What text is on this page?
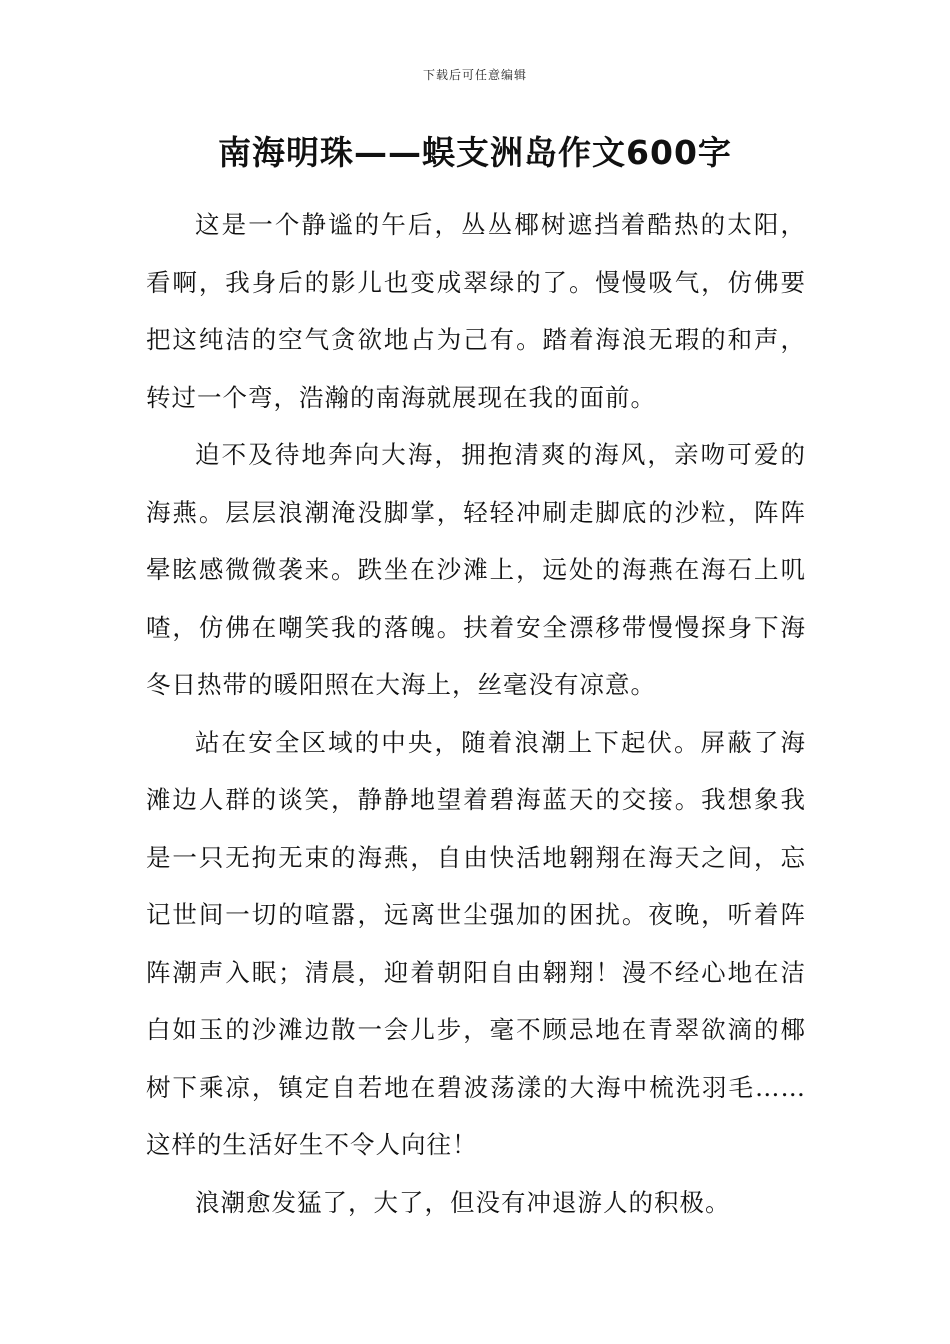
下载后可任意编辑
南海明珠——蜈支洲岛作文600字

这是一个静谧的午后，丛丛椰树遮挡着酷热的太阳，看啊，我身后的影儿也变成翠绿的了。慢慢吸气，仿佛要把这纯洁的空气贪欲地占为己有。踏着海浪无瑕的和声，转过一个弯，浩瀚的南海就展现在我的面前。

迫不及待地奔向大海，拥抱清爽的海风，亲吻可爱的海燕。层层浪潮淹没脚掌，轻轻冲刷走脚底的沙粒，阵阵晕眩感微微袭来。跌坐在沙滩上，远处的海燕在海石上叽喳，仿佛在嘲笑我的落魄。扶着安全漂移带慢慢探身下海冬日热带的暖阳照在大海上，丝毫没有凉意。

站在安全区域的中央，随着浪潮上下起伏。屏蔽了海滩边人群的谈笑，静静地望着碧海蓝天的交接。我想象我是一只无拘无束的海燕，自由快活地翱翔在海天之间，忘记世间一切的喧嚣，远离世尘强加的困扰。夜晚，听着阵阵潮声入眠；清晨，迎着朝阳自由翱翔！漫不经心地在洁白如玉的沙滩边散一会儿步，毫不顾忌地在青翠欲滴的椰树下乘凉，镇定自若地在碧波荡漾的大海中梳洗羽毛……这样的生活好生不令人向往！

浪潮愈发猛了，大了，但没有冲退游人的积极。
